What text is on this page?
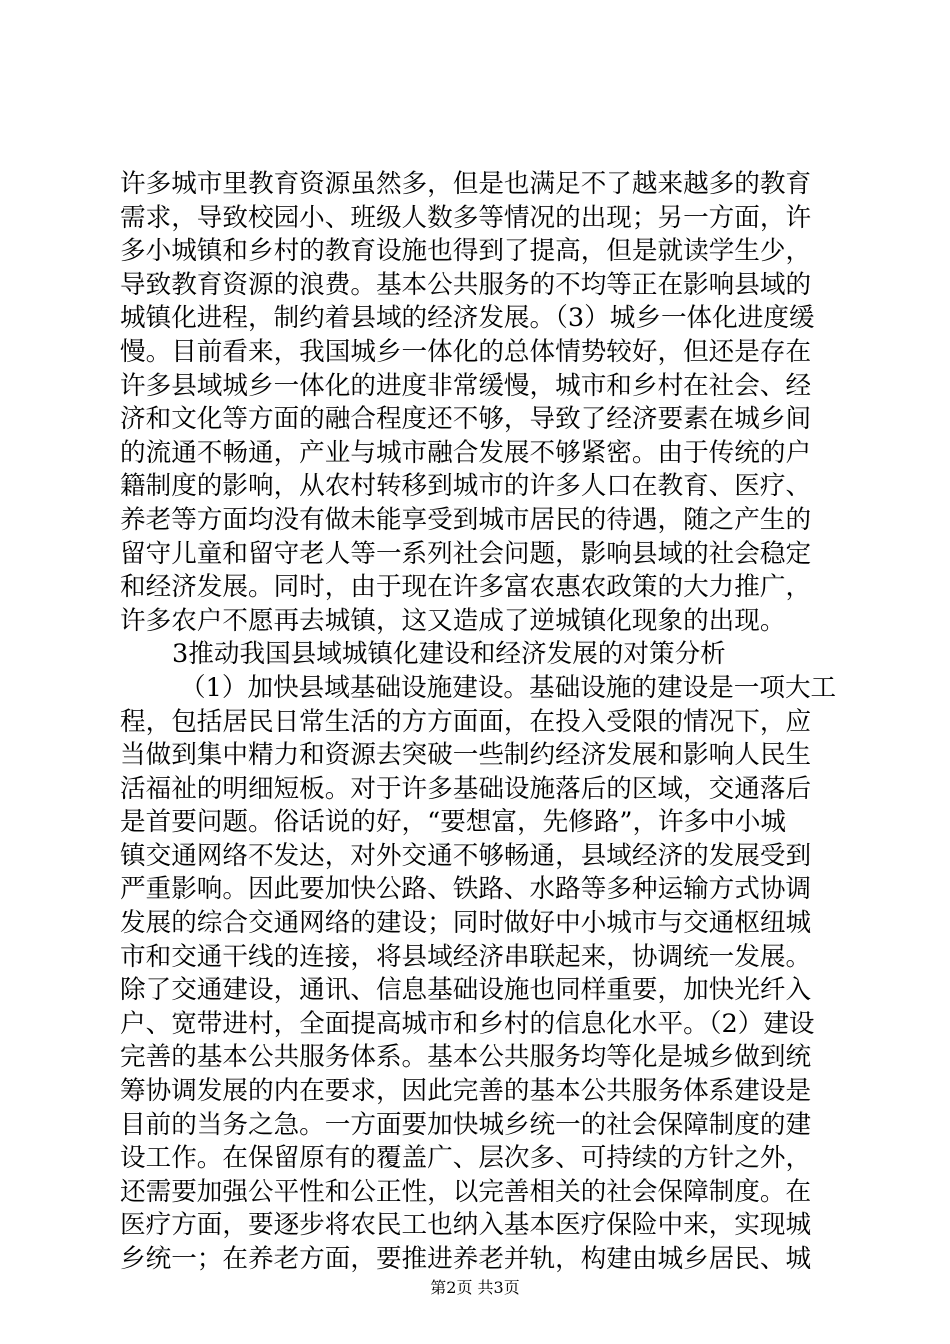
许多城市里教育资源虽然多，但是也满足不了越来越多的教育
需求，导致校园小、班级人数多等情况的出现；另一方面，许
多小城镇和乡村的教育设施也得到了提高，但是就读学生少，
导致教育资源的浪费。基本公共服务的不均等正在影响县域的
城镇化进程，制约着县域的经济发展。（3）城乡一体化进度缓
慢。目前看来，我国城乡一体化的总体情势较好，但还是存在
许多县域城乡一体化的进度非常缓慢，城市和乡村在社会、经
济和文化等方面的融合程度还不够，导致了经济要素在城乡间
的流通不畅通，产业与城市融合发展不够紧密。由于传统的户
籍制度的影响，从农村转移到城市的许多人口在教育、医疗、
养老等方面均没有做未能享受到城市居民的待遇，随之产生的
留守儿童和留守老人等一系列社会问题，影响县域的社会稳定
和经济发展。同时，由于现在许多富农惠农政策的大力推广，
许多农户不愿再去城镇，这又造成了逆城镇化现象的出现。
3推动我国县域城镇化建设和经济发展的对策分析
（1）加快县域基础设施建设。基础设施的建设是一项大工
程，包括居民日常生活的方方面面，在投入受限的情况下，应
当做到集中精力和资源去突破一些制约经济发展和影响人民生
活福祉的明细短板。对于许多基础设施落后的区域，交通落后
是首要问题。俗话说的好，“要想富，先修路”，许多中小城
镇交通网络不发达，对外交通不够畅通，县域经济的发展受到
严重影响。因此要加快公路、铁路、水路等多种运输方式协调
发展的综合交通网络的建设；同时做好中小城市与交通枢纽城
市和交通干线的连接，将县域经济串联起来，协调统一发展。
除了交通建设，通讯、信息基础设施也同样重要，加快光纤入
户、宽带进村，全面提高城市和乡村的信息化水平。（2）建设
完善的基本公共服务体系。基本公共服务均等化是城乡做到统
筹协调发展的内在要求，因此完善的基本公共服务体系建设是
目前的当务之急。一方面要加快城乡统一的社会保障制度的建
设工作。在保留原有的覆盖广、层次多、可持续的方针之外，
还需要加强公平性和公正性，以完善相关的社会保障制度。在
医疗方面，要逐步将农民工也纳入基本医疗保险中来，实现城
乡统一；在养老方面，要推进养老并轨，构建由城乡居民、城
第2页 共3页
